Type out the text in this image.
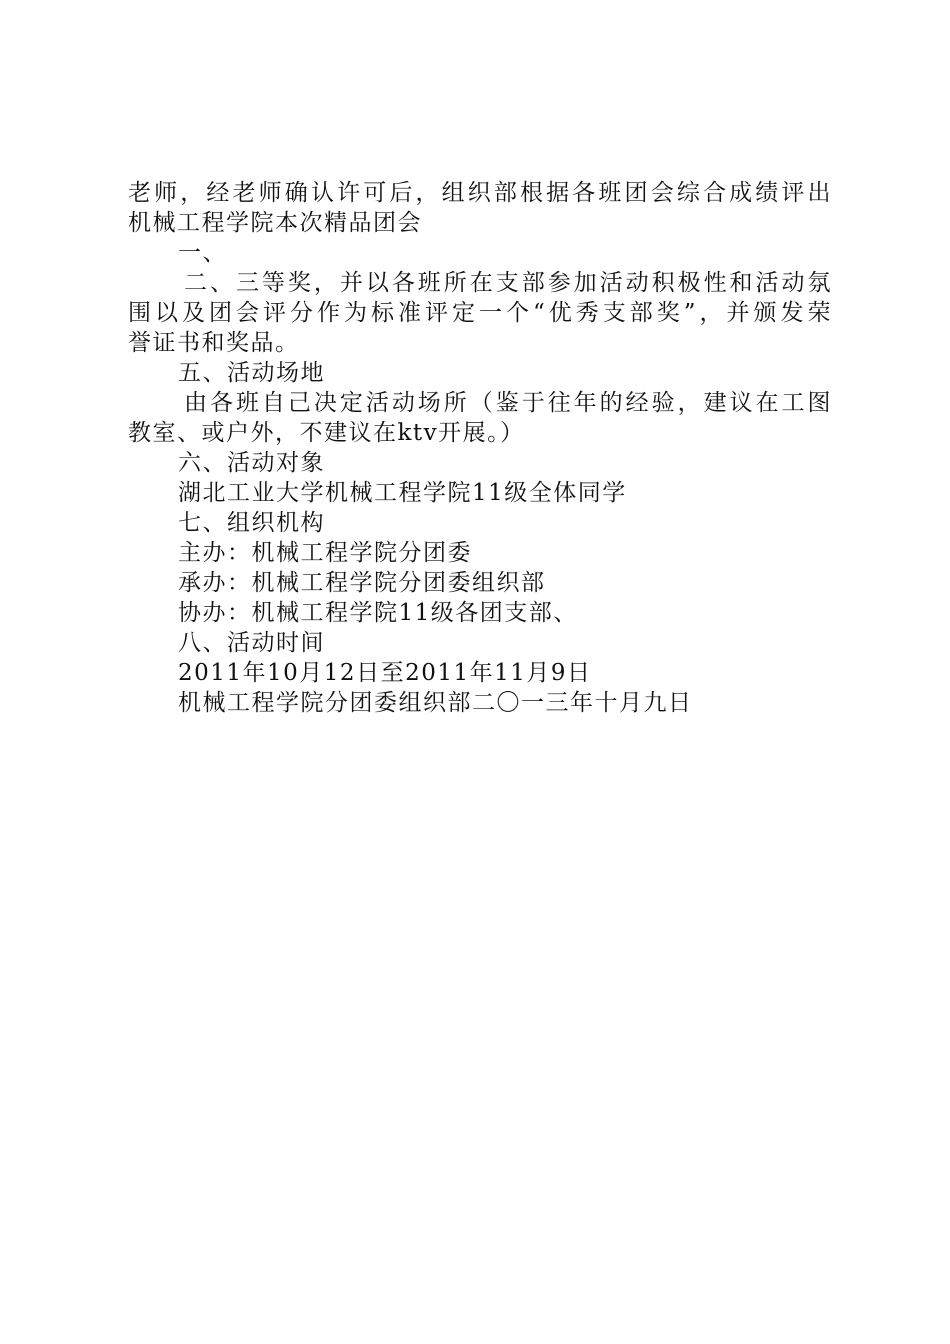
老师，经老师确认许可后，组织部根据各班团会综合成绩评出
机械工程学院本次精品团会
一、
二、三等奖，并以各班所在支部参加活动积极性和活动氛
围以及团会评分作为标准评定一个“优秀支部奖”，并颁发荣
誉证书和奖品。
五、活动场地
由各班自己决定活动场所（鉴于往年的经验，建议在工图
教室、或户外，不建议在ktv开展。）
六、活动对象
湖北工业大学机械工程学院11级全体同学
七、组织机构
主办：机械工程学院分团委
承办：机械工程学院分团委组织部
协办：机械工程学院11级各团支部、
八、活动时间
2011年10月12日至2011年11月9日
机械工程学院分团委组织部二〇一三年十月九日
